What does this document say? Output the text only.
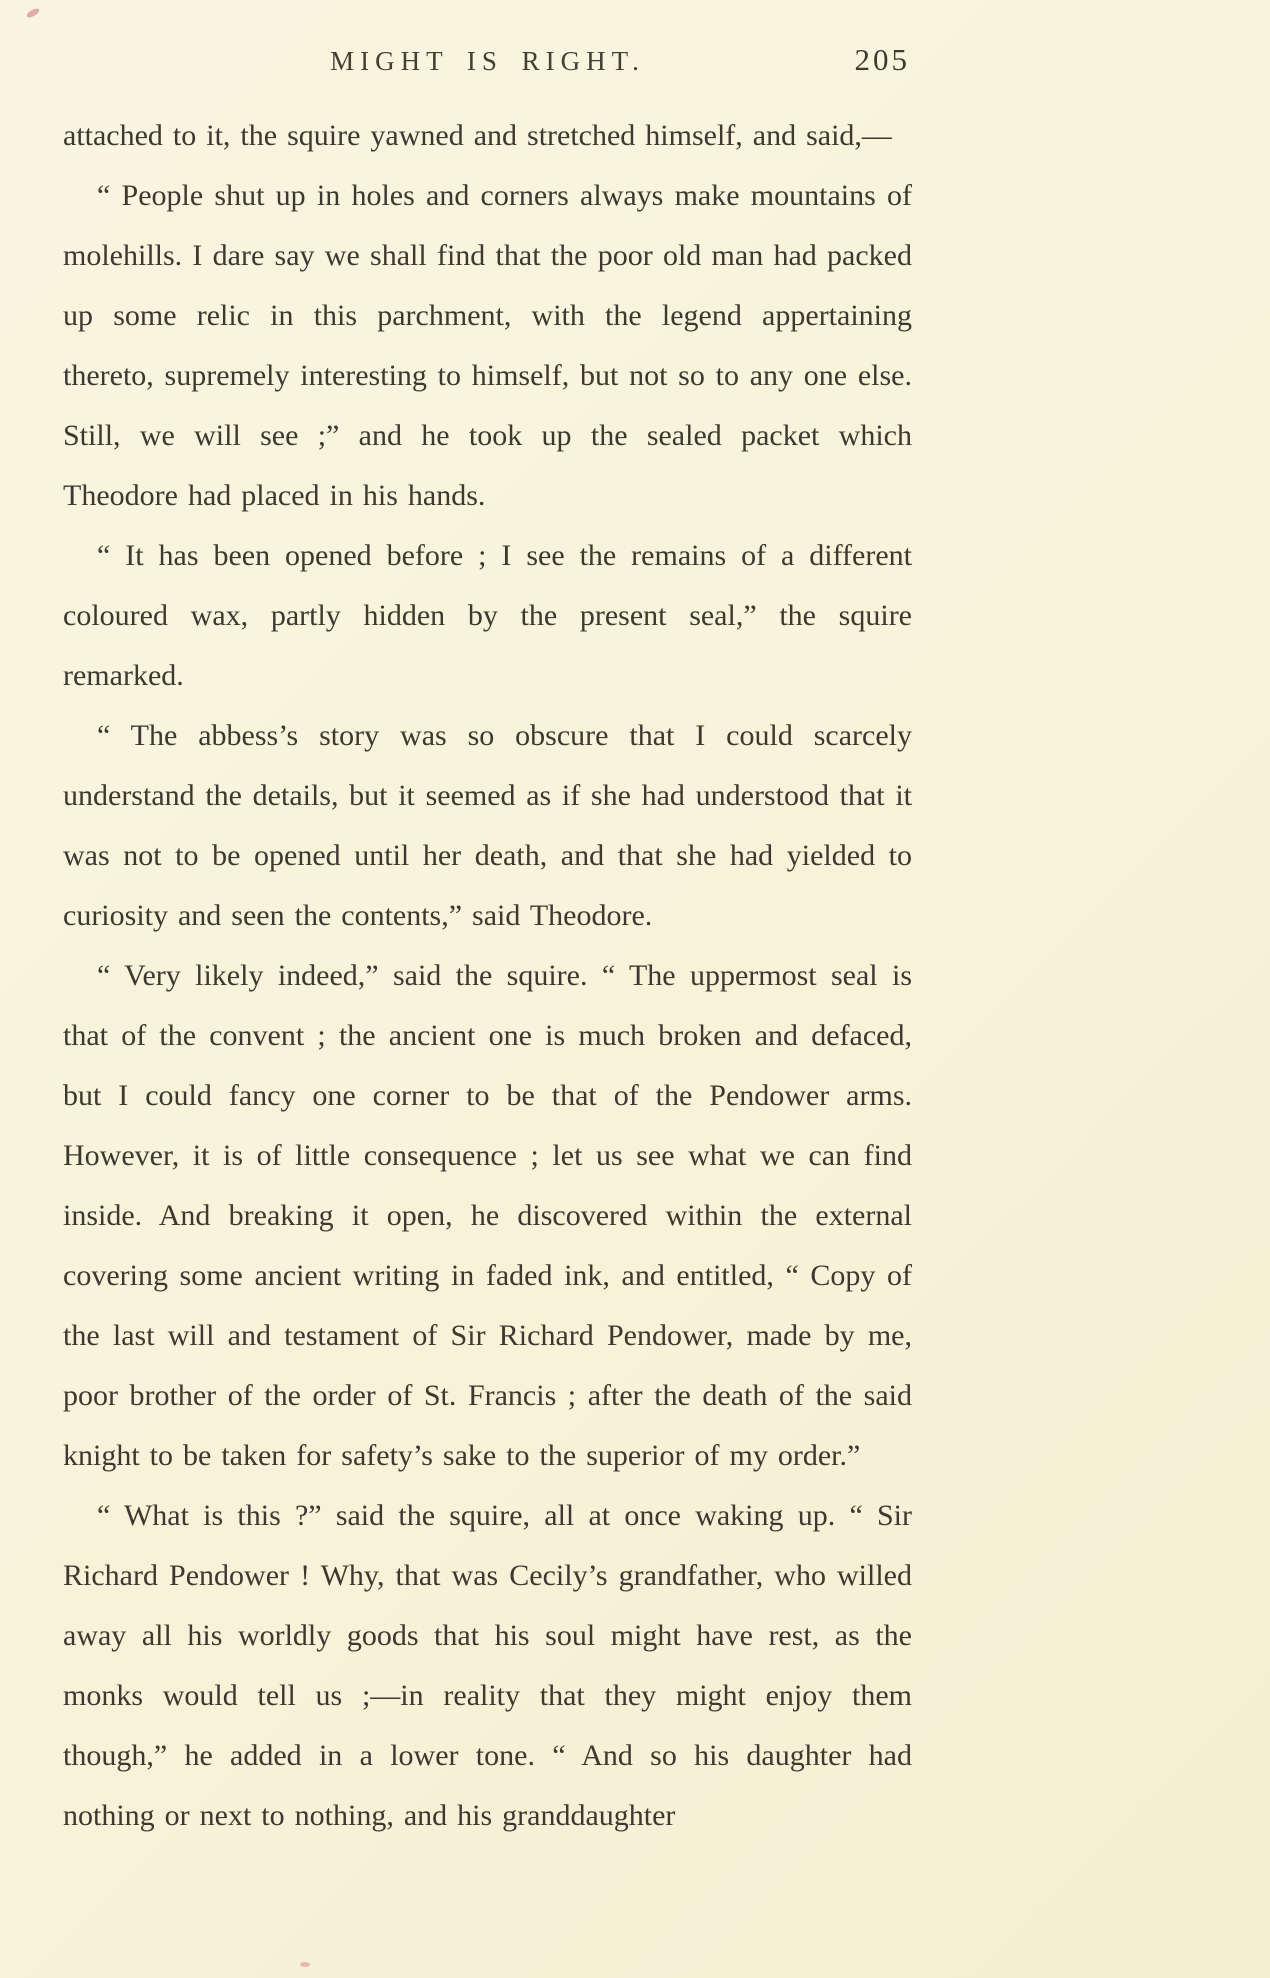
MIGHT IS RIGHT.	205

attached to it, the squire yawned and stretched himself, and said,—

“ People shut up in holes and corners always make mountains of molehills. I dare say we shall find that the poor old man had packed up some relic in this parchment, with the legend appertaining thereto, supremely interesting to himself, but not so to any one else. Still, we will see ;” and he took up the sealed packet which Theodore had placed in his hands.

“ It has been opened before ; I see the remains of a different coloured wax, partly hidden by the present seal,” the squire remarked.

“ The abbess’s story was so obscure that I could scarcely understand the details, but it seemed as if she had understood that it was not to be opened until her death, and that she had yielded to curiosity and seen the contents,” said Theodore.

“ Very likely indeed,” said the squire. “ The uppermost seal is that of the convent ; the ancient one is much broken and defaced, but I could fancy one corner to be that of the Pendower arms. However, it is of little consequence ; let us see what we can find inside. And breaking it open, he discovered within the external covering some ancient writing in faded ink, and entitled, “ Copy of the last will and testament of Sir Richard Pendower, made by me, poor brother of the order of St. Francis ; after the death of the said knight to be taken for safety’s sake to the superior of my order.”

“ What is this ?” said the squire, all at once waking up. “ Sir Richard Pendower ! Why, that was Cecily’s grandfather, who willed away all his worldly goods that his soul might have rest, as the monks would tell us ;—in reality that they might enjoy them though,” he added in a lower tone. “ And so his daughter had nothing or next to nothing, and his granddaughter
